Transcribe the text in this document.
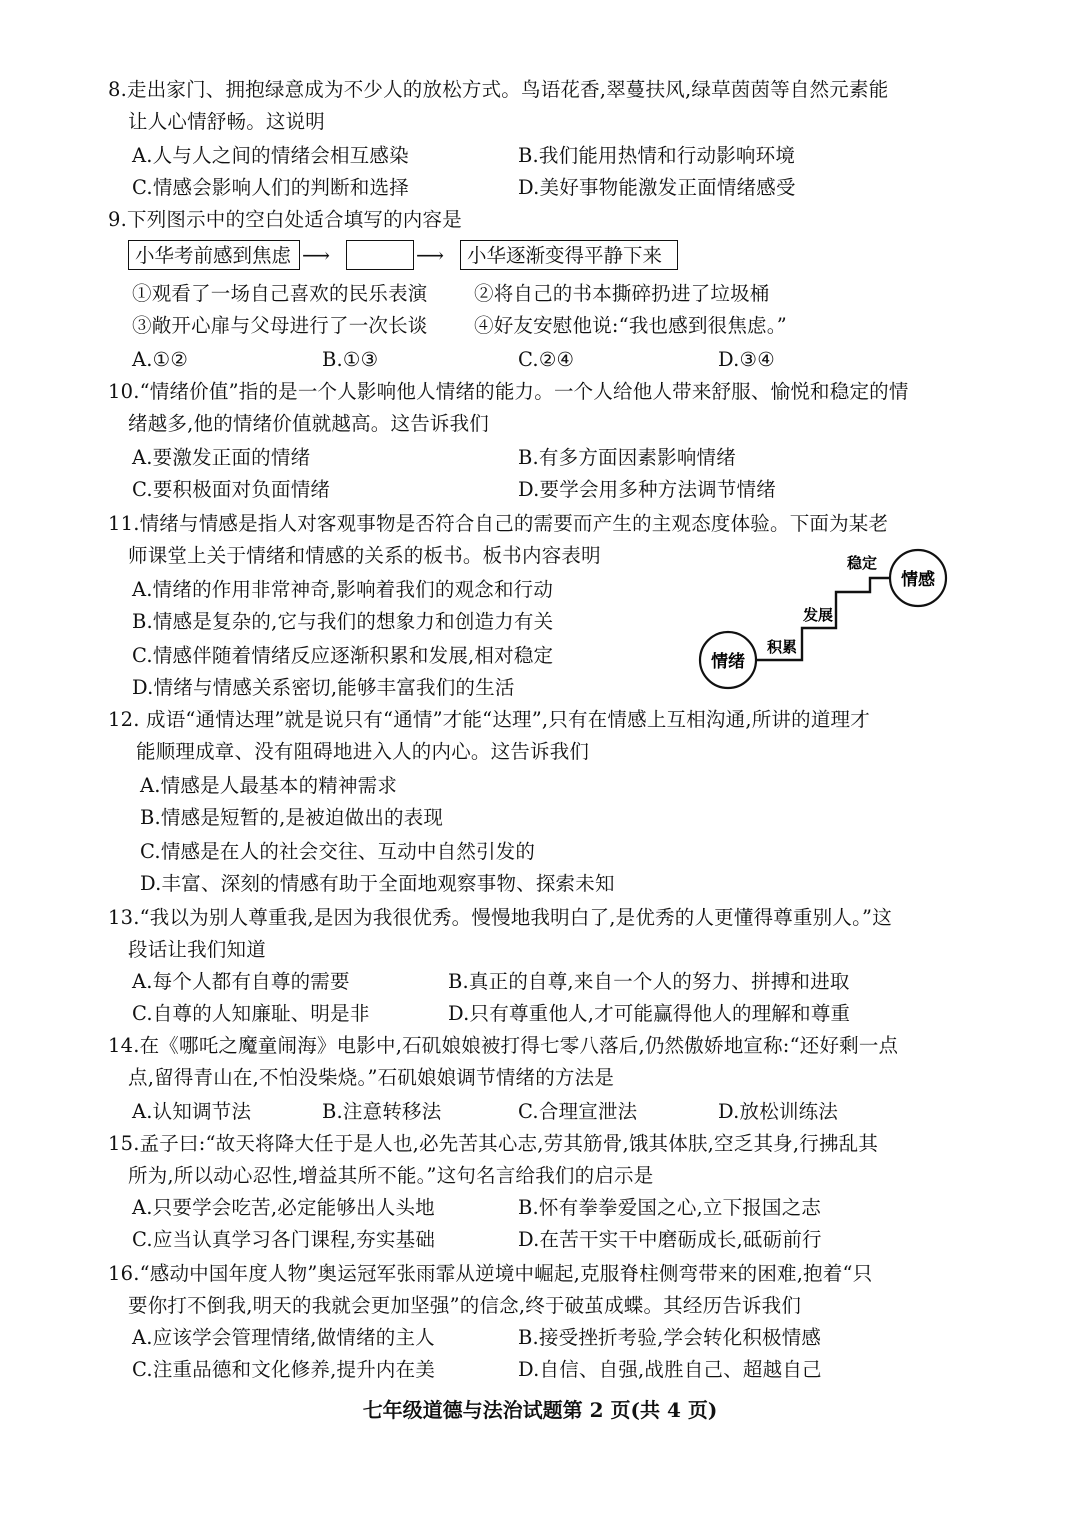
8.走出家门、拥抱绿意成为不少人的放松方式。鸟语花香,翠蔓扶风,绿草茵茵等自然元素能
让人心情舒畅。这说明
A.人与人之间的情绪会相互感染	B.我们能用热情和行动影响环境
C.情感会影响人们的判断和选择	D.美好事物能激发正面情绪感受
9.下列图示中的空白处适合填写的内容是
小华考前感到焦虑 ⟶	⟶	小华逐渐变得平静下来
①观看了一场自己喜欢的民乐表演 ②将自己的书本撕碎扔进了垃圾桶
③敞开心扉与父母进行了一次长谈 ④好友安慰他说:“我也感到很焦虑。”
A.①②	B.①③	C.②④	D.③④
10.“情绪价值”指的是一个人影响他人情绪的能力。一个人给他人带来舒服、愉悦和稳定的情
绪越多,他的情绪价值就越高。这告诉我们
A.要激发正面的情绪	B.有多方面因素影响情绪
C.要积极面对负面情绪	D.要学会用多种方法调节情绪
11.情绪与情感是指人对客观事物是否符合自己的需要而产生的主观态度体验。下面为某老
师课堂上关于情绪和情感的关系的板书。板书内容表明
A.情绪的作用非常神奇,影响着我们的观念和行动
B.情感是复杂的,它与我们的想象力和创造力有关
C.情感伴随着情绪反应逐渐积累和发展,相对稳定
D.情绪与情感关系密切,能够丰富我们的生活
情绪
情感
积累
发展
稳定
12. 成语“通情达理”就是说只有“通情”才能“达理”,只有在情感上互相沟通,所讲的道理才
能顺理成章、没有阻碍地进入人的内心。这告诉我们
A.情感是人最基本的精神需求
B.情感是短暂的,是被迫做出的表现
C.情感是在人的社会交往、互动中自然引发的
D.丰富、深刻的情感有助于全面地观察事物、探索未知
13.“我以为别人尊重我,是因为我很优秀。慢慢地我明白了,是优秀的人更懂得尊重别人。”这
段话让我们知道
A.每个人都有自尊的需要	B.真正的自尊,来自一个人的努力、拼搏和进取
C.自尊的人知廉耻、明是非	D.只有尊重他人,才可能赢得他人的理解和尊重
14.在《哪吒之魔童闹海》电影中,石矶娘娘被打得七零八落后,仍然傲娇地宣称:“还好剩一点
点,留得青山在,不怕没柴烧。”石矶娘娘调节情绪的方法是
A.认知调节法	B.注意转移法	C.合理宣泄法	D.放松训练法
15.孟子曰:“故天将降大任于是人也,必先苦其心志,劳其筋骨,饿其体肤,空乏其身,行拂乱其
所为,所以动心忍性,增益其所不能。”这句名言给我们的启示是
A.只要学会吃苦,必定能够出人头地	B.怀有拳拳爱国之心,立下报国之志
C.应当认真学习各门课程,夯实基础	D.在苦干实干中磨砺成长,砥砺前行
16.“感动中国年度人物”奥运冠军张雨霏从逆境中崛起,克服脊柱侧弯带来的困难,抱着“只
要你打不倒我,明天的我就会更加坚强”的信念,终于破茧成蝶。其经历告诉我们
A.应该学会管理情绪,做情绪的主人	B.接受挫折考验,学会转化积极情感
C.注重品德和文化修养,提升内在美	D.自信、自强,战胜自己、超越自己
七年级道德与法治试题第 2 页(共 4 页)
